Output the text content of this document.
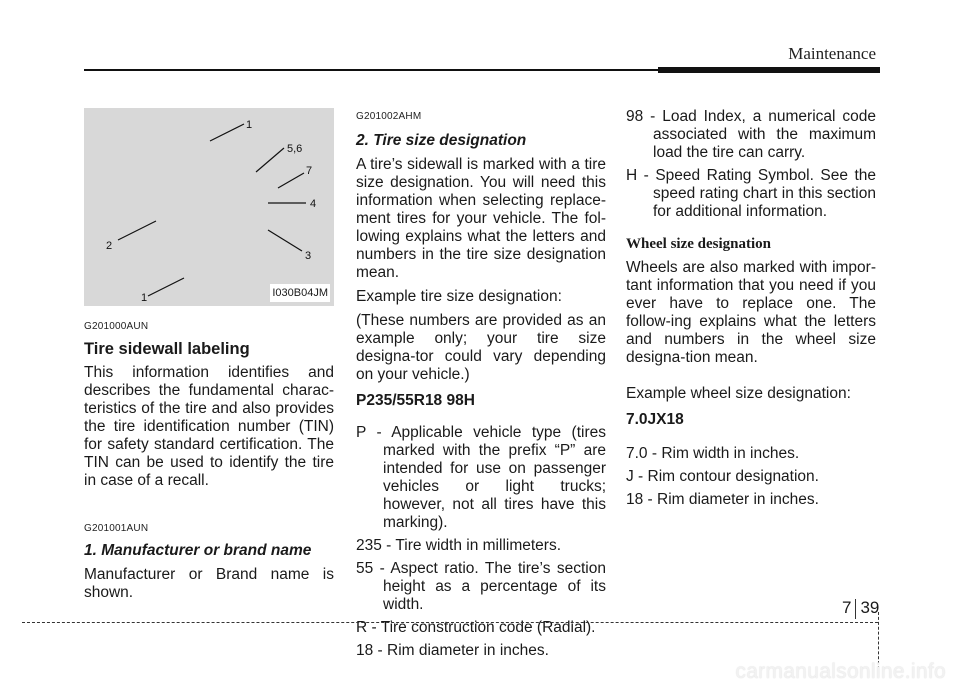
Maintenance
1
5,6
7
4
2
3
1	I030B04JM
G201000AUN
Tire sidewall labeling

This information identifies and describes the fundamental charac-teristics of the tire and also provides the tire identification number (TIN) for safety standard certification. The TIN can be used to identify the tire in case of a recall.

G201001AUN
1. Manufacturer or brand name

Manufacturer or Brand name is shown.

G201002AHM
2. Tire size designation

A tire’s sidewall is marked with a tire size designation. You will need this information when selecting replace-ment tires for your vehicle. The fol-lowing explains what the letters and numbers in the tire size designation mean.

Example tire size designation:

(These numbers are provided as an example only; your tire size designa-tor could vary depending on your vehicle.)

P235/55R18 98H

P - Applicable vehicle type (tires marked with the prefix “P” are intended for use on passenger vehicles or light trucks; however, not all tires have this marking).
235 - Tire width in millimeters.
55 - Aspect ratio. The tire’s section height as a percentage of its width.
R - Tire construction code (Radial).
18 - Rim diameter in inches.
98 - Load Index, a numerical code associated with the maximum load the tire can carry.
H - Speed Rating Symbol. See the speed rating chart in this section for additional information.
Wheel size designation

Wheels are also marked with impor-tant information that you need if you ever have to replace one. The follow-ing explains what the letters and numbers in the wheel size designa-tion mean.

Example wheel size designation:

7.0JX18

7.0 - Rim width in inches.
J - Rim contour designation.
18 - Rim diameter in inches.
7 39
carmanualsonline.info
